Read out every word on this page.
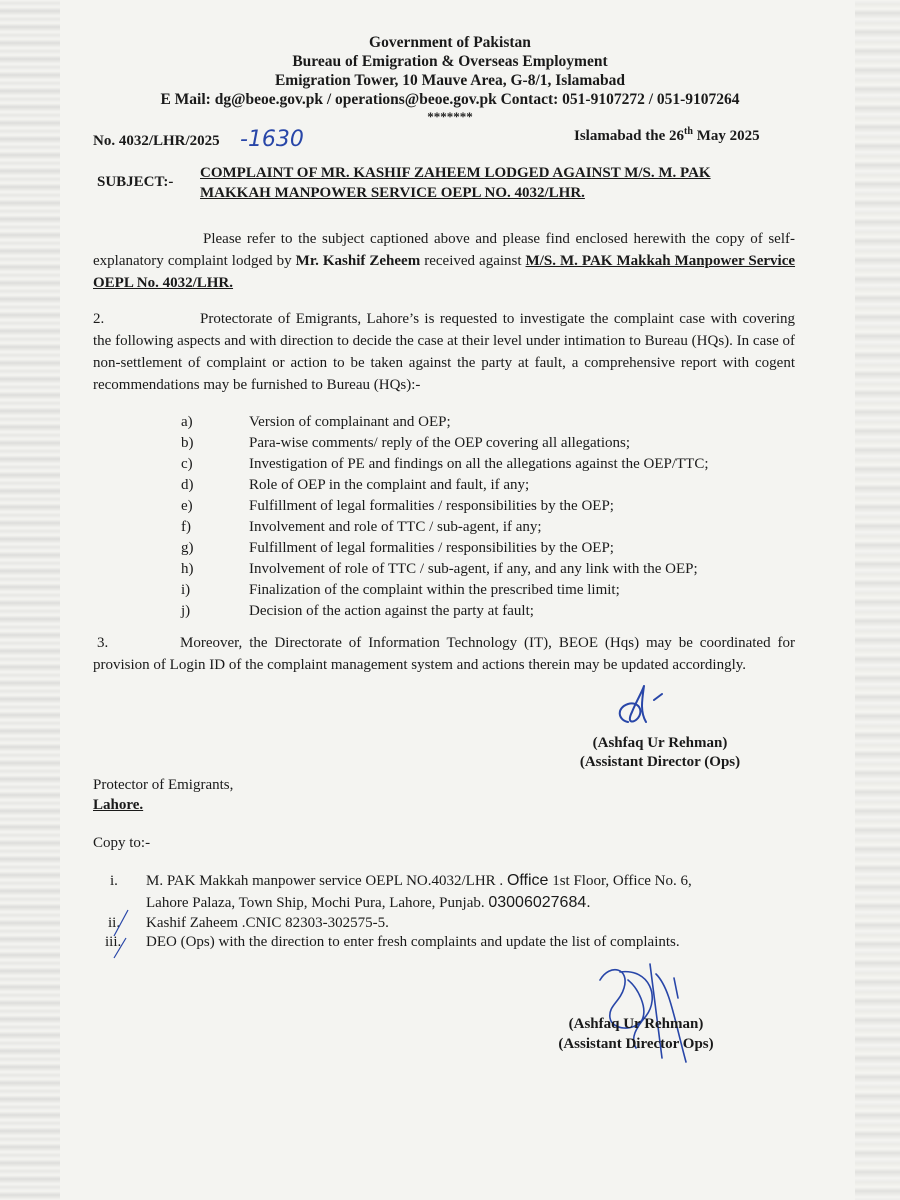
Government of Pakistan
Bureau of Emigration & Overseas Employment
Emigration Tower, 10 Mauve Area, G-8/1, Islamabad
E Mail: dg@beoe.gov.pk / operations@beoe.gov.pk Contact: 051-9107272 / 051-9107264
*******
No. 4032/LHR/2025 -1630	Islamabad the 26th May 2025
SUBJECT:-
COMPLAINT OF MR. KASHIF ZAHEEM LODGED AGAINST M/S. M. PAK
MAKKAH MANPOWER SERVICE OEPL NO. 4032/LHR.
Please refer to the subject captioned above and please find enclosed herewith the copy of self-explanatory complaint lodged by Mr. Kashif Zeheem received against M/S. M. PAK Makkah Manpower Service OEPL No. 4032/LHR.
2.	Protectorate of Emigrants, Lahore’s is requested to investigate the complaint case with covering the following aspects and with direction to decide the case at their level under intimation to Bureau (HQs). In case of non-settlement of complaint or action to be taken against the party at fault, a comprehensive report with cogent recommendations may be furnished to Bureau (HQs):-
a)	Version of complainant and OEP;
b)	Para-wise comments/ reply of the OEP covering all allegations;
c)	Investigation of PE and findings on all the allegations against the OEP/TTC;
d)	Role of OEP in the complaint and fault, if any;
e)	Fulfillment of legal formalities / responsibilities by the OEP;
f)	Involvement and role of TTC / sub-agent, if any;
g)	Fulfillment of legal formalities / responsibilities by the OEP;
h)	Involvement of role of TTC / sub-agent, if any, and any link with the OEP;
i)	Finalization of the complaint within the prescribed time limit;
j)	Decision of the action against the party at fault;
3.	Moreover, the Directorate of Information Technology (IT), BEOE (Hqs) may be coordinated for provision of Login ID of the complaint management system and actions therein may be updated accordingly.
(Ashfaq Ur Rehman)
(Assistant Director (Ops)
Protector of Emigrants,
Lahore.
Copy to:-
i. M. PAK Makkah manpower service OEPL NO.4032/LHR . Office 1st Floor, Office No. 6,
Lahore Palaza, Town Ship, Mochi Pura, Lahore, Punjab. 03006027684.
ii. Kashif Zaheem .CNIC 82303-302575-5.
iii. DEO (Ops) with the direction to enter fresh complaints and update the list of complaints.
(Ashfaq Ur Rehman)
(Assistant Director Ops)
